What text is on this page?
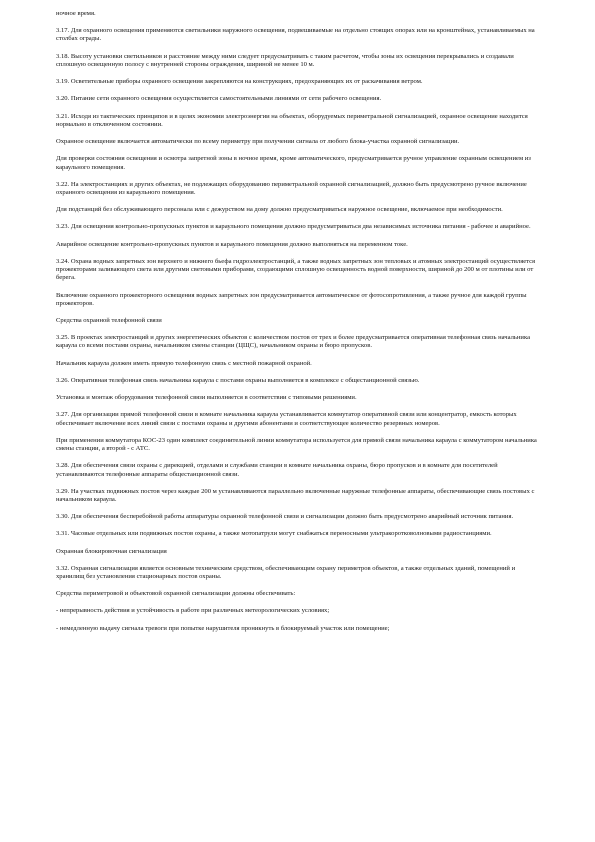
ночное время.

3.17. Для охранного освещения применяются светильники наружного освещения, подвешиваемые на отдельно стоящих опорах или на кронштейнах, устанавливаемых на столбах ограды.

3.18. Высоту установки светильников и расстояние между ними следует предусматривать с таким расчетом, чтобы зоны их освещения перекрывались и создавали сплошную освещенную полосу с внутренней стороны ограждения, шириной не менее 10 м.

3.19. Осветительные приборы охранного освещения закрепляются на конструкциях, предохраняющих их от раскачивания ветром.

3.20. Питание сети охранного освещения осуществляется самостоятельными линиями от сети рабочего освещения.

3.21. Исходя из тактических принципов и в целях экономии электроэнергии на объектах, оборудуемых периметральной сигнализацией, охранное освещение находится нормально в отключенном состоянии.

Охранное освещение включается автоматически по всему периметру при получении сигнала от любого блока-участка охранной сигнализации.

Для проверки состояния освещения и осмотра запретной зоны в ночное время, кроме автоматического, предусматривается ручное управление охранным освещением из караульного помещения.

3.22. На электростанциях и других объектах, не подлежащих оборудованию периметральной охранной сигнализацией, должно быть предусмотрено ручное включение охранного освещения из караульного помещения.

Для подстанций без обслуживающего персонала или с дежурством на дому должно предусматриваться наружное освещение, включаемое при необходимости.

3.23. Для освещения контрольно-пропускных пунктов и караульного помещения должно предусматриваться два независимых источника питания - рабочее и аварийное.

Аварийное освещение контрольно-пропускных пунктов и караульного помещения должно выполняться на переменном токе.

3.24. Охрана водных запретных зон верхнего и нижнего бьефа гидроэлектростанций, а также водных запретных зон тепловых и атомных электростанций осуществляется прожекторами заливающего света или другими световыми приборами, создающими сплошную освещенность водной поверхности, шириной до 200 м от плотины или от берега.

Включение охранного прожекторного освещения водных запретных зон предусматривается автоматическое от фотосопротивления, а также ручное для каждой группы прожекторов.

Средства охранной телефонной связи

3.25. В проектах электростанций и других энергетических объектов с количеством постов от трех и более предусматривается оперативная телефонная связь начальника караула со всеми постами охраны, начальником смены станции (ЦЩС), начальником охраны и бюро пропусков.

Начальник караула должен иметь прямую телефонную связь с местной пожарной охраной.

3.26. Оперативная телефонная связь начальника караула с постами охраны выполняется в комплексе с общестанционной связью.

Установка и монтаж оборудования телефонной связи выполняется в соответствии с типовыми решениями.

3.27. Для организации прямой телефонной связи в комнате начальника караула устанавливается коммутатор оперативной связи или концентратор, емкость которых обеспечивает включение всех линий связи с постами охраны и другими абонентами и соответствующее количество резервных номеров.

При применении коммутатора КОС-23 один комплект соединительной линии коммутатора используется для прямой связи начальника караула с коммутатором начальника смены станции, а второй - с АТС.

3.28. Для обеспечения связи охраны с дирекцией, отделами и службами станции в комнате начальника охраны, бюро пропусков и в комнате для посетителей устанавливаются телефонные аппараты общестанционной связи.

3.29. На участках подвижных постов через каждые 200 м устанавливаются параллельно включенные наружные телефонные аппараты, обеспечивающие связь постовых с начальником караула.

3.30. Для обеспечения бесперебойной работы аппаратуры охранной телефонной связи и сигнализации должно быть предусмотрено аварийный источник питания.

3.31. Часовые отдельных или подвижных постов охраны, а также мотопатрули могут снабжаться переносными ультракоротковолновыми радиостанциями.

Охранная блокировочная сигнализация

3.32. Охранная сигнализация является основным техническим средством, обеспечивающим охрану периметров объектов, а также отдельных зданий, помещений и хранилищ без установления стационарных постов охраны.

Средства периметровой и объектовой охранной сигнализации должны обеспечивать:

- непрерывность действия и устойчивость в работе при различных метеорологических условиях;

- немедленную выдачу сигнала тревоги при попытке нарушителя проникнуть в блокируемый участок или помещение;
